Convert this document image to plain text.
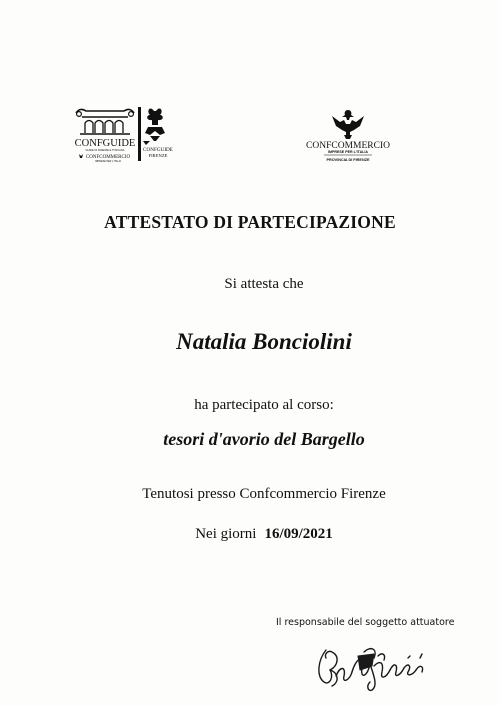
CONFGUIDE
GUIDE DI FIRENZE E TOSCANA
CONFCOMMERCIO
IMPRESE PER L'ITALIA
CONFGUIDE
FIRENZE
CONFCOMMERCIO
IMPRESE PER L'ITALIA
PROVINCIA DI FIRENZE
ATTESTATO DI PARTECIPAZIONE
Si attesta che
Natalia Bonciolini
ha partecipato al corso:
tesori d'avorio del Bargello
Tenutosi presso Confcommercio Firenze
Nei giorni 16/09/2021
Il responsabile del soggetto attuatore
